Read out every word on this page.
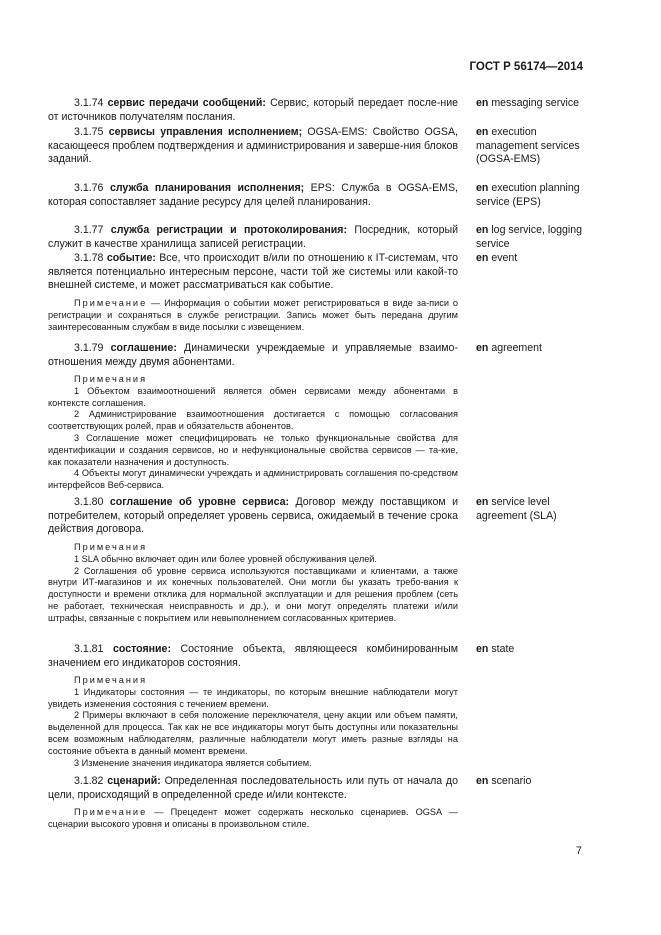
ГОСТ Р 56174—2014
3.1.74 сервис передачи сообщений: Сервис, который передает после-ние от источников получателям послания.
en messaging service
3.1.75 сервисы управления исполнением; OGSA-EMS: Свойство OGSA, касающееся проблем подтверждения и администрирования и заверше-ния блоков заданий.
en execution management services (OGSA-EMS)
3.1.76 служба планирования исполнения; EPS: Служба в OGSA-EMS, которая сопоставляет задание ресурсу для целей планирования.
en execution planning service (EPS)
3.1.77 служба регистрации и протоколирования: Посредник, который служит в качестве хранилища записей регистрации.
en log service, logging service
3.1.78 событие: Все, что происходит в/или по отношению к IT-системам, что является потенциально интересным персоне, части той же системы или какой-то внешней системе, и может рассматриваться как событие.
en event
Примечание — Информация о событии может регистрироваться в виде за-писи о регистрации и сохраняться в службе регистрации. Запись может быть передана другим заинтересованным службам в виде посылки с извещением.
3.1.79 соглашение: Динамически учреждаемые и управляемые взаимо-отношения между двумя абонентами.
en agreement
Примечания
1 Объектом взаимоотношений является обмен сервисами между абонентами в контексте соглашения.
2 Администрирование взаимоотношения достигается с помощью согласования соответствующих ролей, прав и обязательств абонентов.
3 Соглашение может специфицировать не только функциональные свойства для идентификации и создания сервисов, но и нефункциональные свойства сервисов — та-кие, как показатели назначения и доступность.
4 Объекты могут динамически учреждать и администрировать соглашения по-средством интерфейсов Веб-сервиса.
3.1.80 соглашение об уровне сервиса: Договор между поставщиком и потребителем, который определяет уровень сервиса, ожидаемый в течение срока действия договора.
en service level agreement (SLA)
Примечания
1 SLA обычно включает один или более уровней обслуживания целей.
2 Соглашения об уровне сервиса используются поставщиками и клиентами, а также внутри ИТ-магазинов и их конечных пользователей. Они могли бы указать требо-вания к доступности и времени отклика для нормальной эксплуатации и для решения проблем (сеть не работает, техническая неисправность и др.), и они могут определять платежи и/или штрафы, связанные с покрытием или невыполнением согласованных критериев.
3.1.81 состояние: Состояние объекта, являющееся комбинированным значением его индикаторов состояния.
en state
Примечания
1 Индикаторы состояния — те индикаторы, по которым внешние наблюдатели могут увидеть изменения состояния с течением времени.
2 Примеры включают в себя положение переключателя, цену акции или объем памяти, выделенной для процесса. Так как не все индикаторы могут быть доступны или показательны всем возможным наблюдателям, различные наблюдатели могут иметь разные взгляды на состояние объекта в данный момент времени.
3 Изменение значения индикатора является событием.
3.1.82 сценарий: Определенная последовательность или путь от начала до цели, происходящий в определенной среде и/или контексте.
en scenario
Примечание — Прецедент может содержать несколько сценариев. OGSA — сценарии высокого уровня и описаны в произвольном стиле.
7
